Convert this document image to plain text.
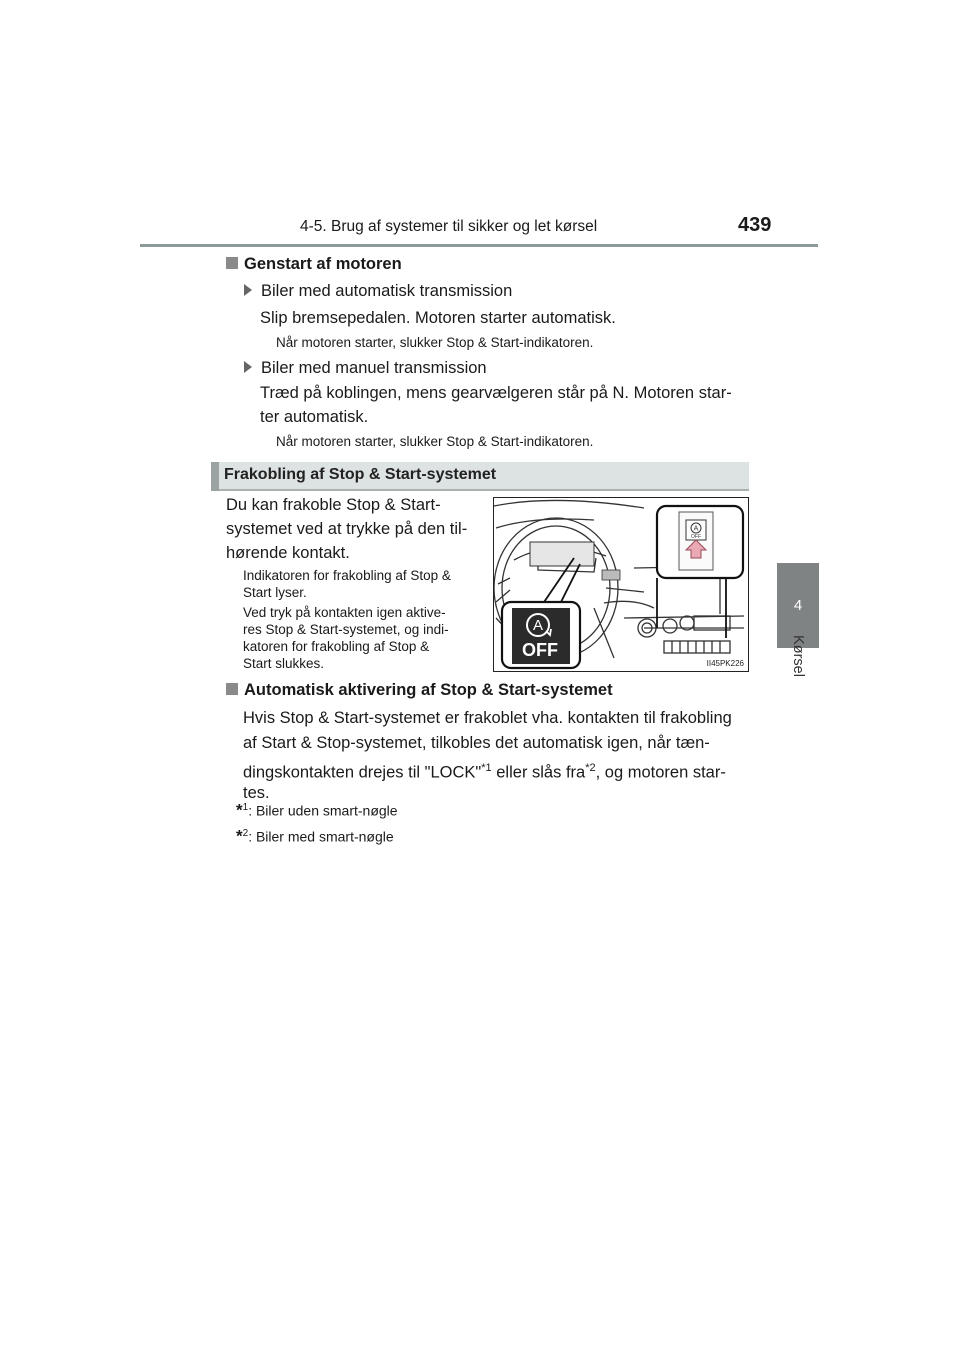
4-5. Brug af systemer til sikker og let kørsel	439
4
Kørsel
Genstart af motoren
Biler med automatisk transmission
Slip bremsepedalen. Motoren starter automatisk.
Når motoren starter, slukker Stop & Start-indikatoren.
Biler med manuel transmission
Træd på koblingen, mens gearvælgeren står på N. Motoren star-
ter automatisk.
Når motoren starter, slukker Stop & Start-indikatoren.
Frakobling af Stop & Start-systemet
Du kan frakoble Stop & Start-
systemet ved at trykke på den til-
hørende kontakt.
Indikatoren for frakobling af Stop &
Start lyser.
Ved tryk på kontakten igen aktive-
res Stop & Start-systemet, og indi-
katoren for frakobling af Stop &
Start slukkes.
A
OFF
A
OFF
II45PK226
Automatisk aktivering af Stop & Start-systemet
Hvis Stop & Start-systemet er frakoblet vha. kontakten til frakobling
af Start & Stop-systemet, tilkobles det automatisk igen, når tæn-
dingskontakten drejes til "LOCK"$^{*1}$ eller slås fra$^{*2}$, og motoren star-
tes.
*$^1$: Biler uden smart-nøgle
*$^2$: Biler med smart-nøgle
